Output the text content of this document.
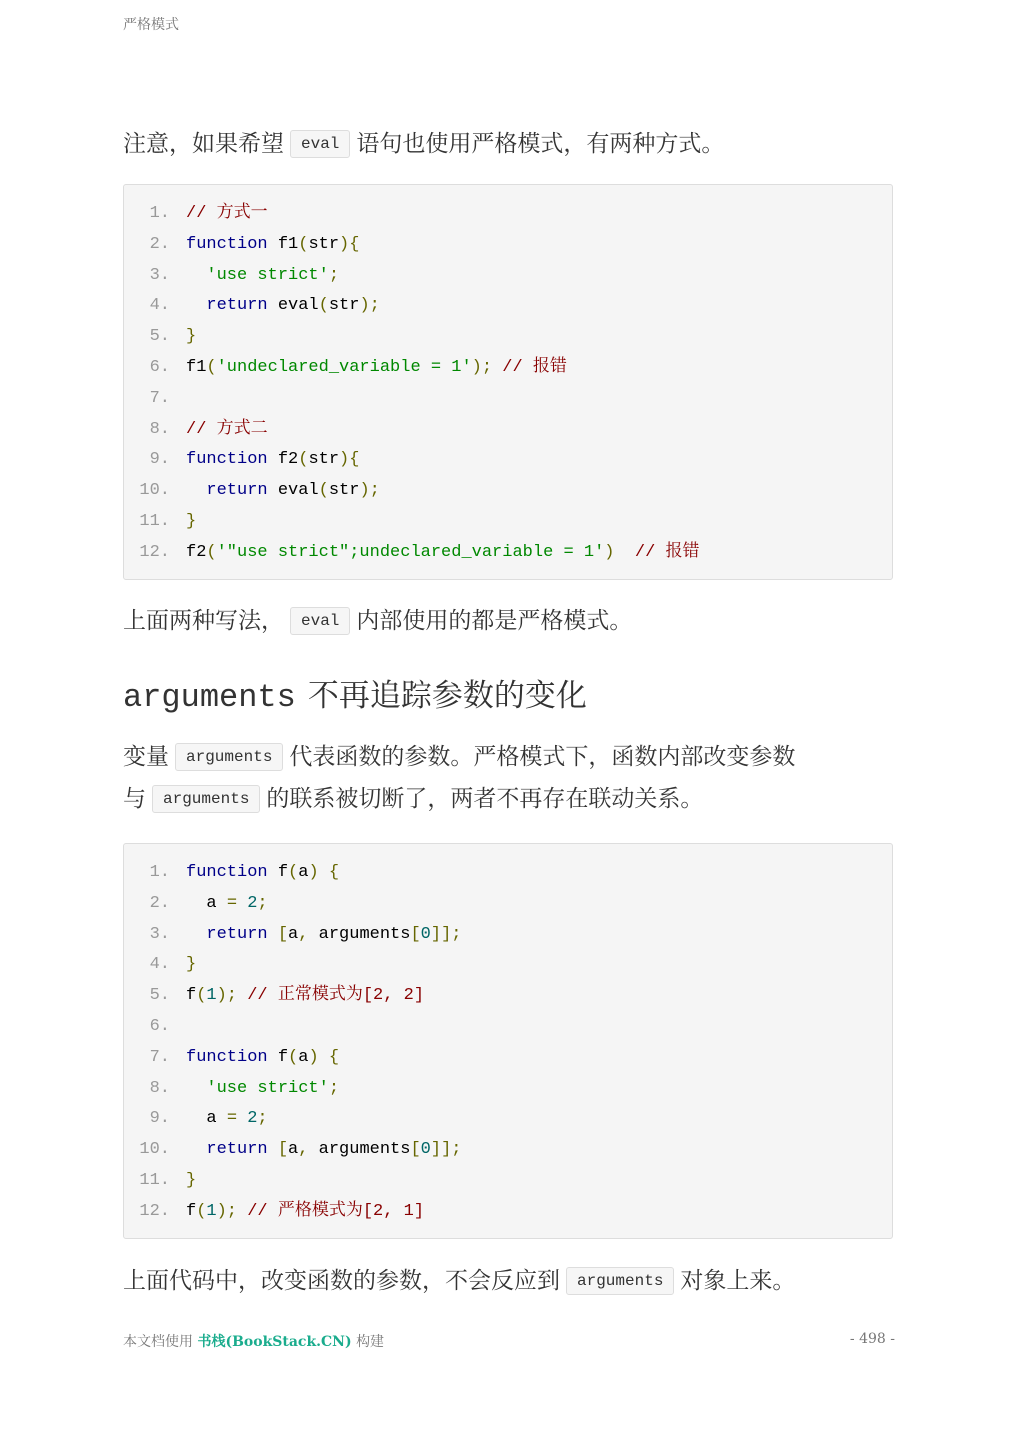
严格模式

注意，如果希望 eval 语句也使用严格模式，有两种方式。

1. // 方式一
2. function f1(str){
3.	'use strict';
4.	return eval(str);
5. }
6. f1('undeclared_variable = 1'); // 报错
7.
8. // 方式二
9. function f2(str){
10.	return eval(str);
11. }
12. f2('"use strict";undeclared_variable = 1') // 报错

上面两种写法， eval 内部使用的都是严格模式。

arguments 不再追踪参数的变化

变量 arguments 代表函数的参数。严格模式下，函数内部改变参数
与 arguments 的联系被切断了，两者不再存在联动关系。

1. function f(a) {
2. a = 2;
3.	return [a, arguments[0]];
4. }
5. f(1); // 正常模式为[2, 2]
6.
7. function f(a) {
8.	'use strict';
9. a = 2;
10.	return [a, arguments[0]];
11. }
12. f(1); // 严格模式为[2, 1]

上面代码中，改变函数的参数，不会反应到 arguments 对象上来。

本文档使用 书栈(BookStack.CN) 构建	- 498 -
